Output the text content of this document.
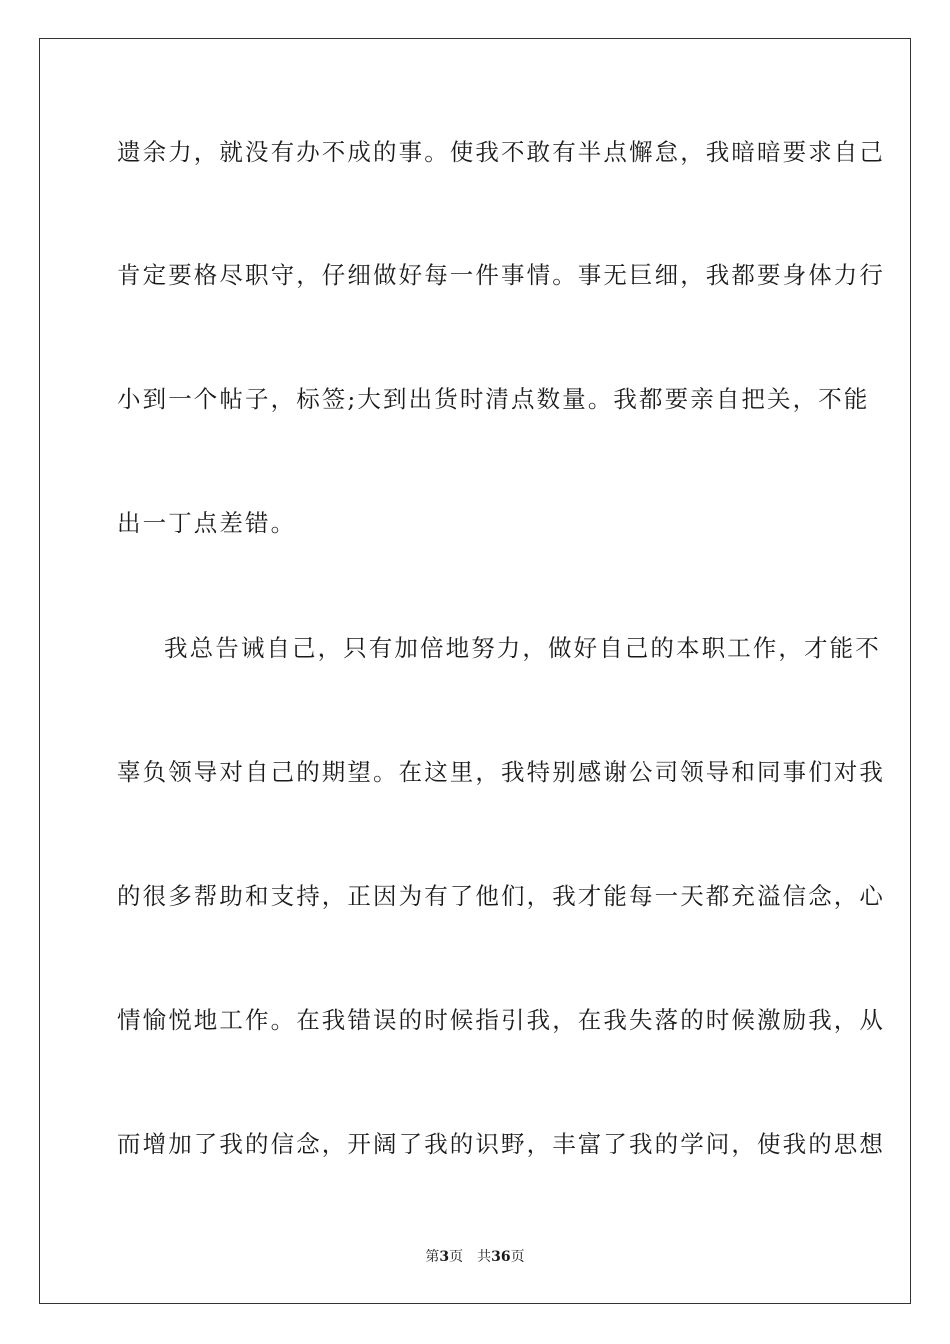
遗余力，就没有办不成的事。使我不敢有半点懈怠，我暗暗要求自己
肯定要格尽职守，仔细做好每一件事情。事无巨细，我都要身体力行
小到一个帖子，标签;大到出货时清点数量。我都要亲自把关，不能
出一丁点差错。
我总告诫自己，只有加倍地努力，做好自己的本职工作，才能不
辜负领导对自己的期望。在这里，我特别感谢公司领导和同事们对我
的很多帮助和支持，正因为有了他们，我才能每一天都充溢信念，心
情愉悦地工作。在我错误的时候指引我，在我失落的时候激励我，从
而增加了我的信念，开阔了我的识野，丰富了我的学问，使我的思想
第3页 共36页
